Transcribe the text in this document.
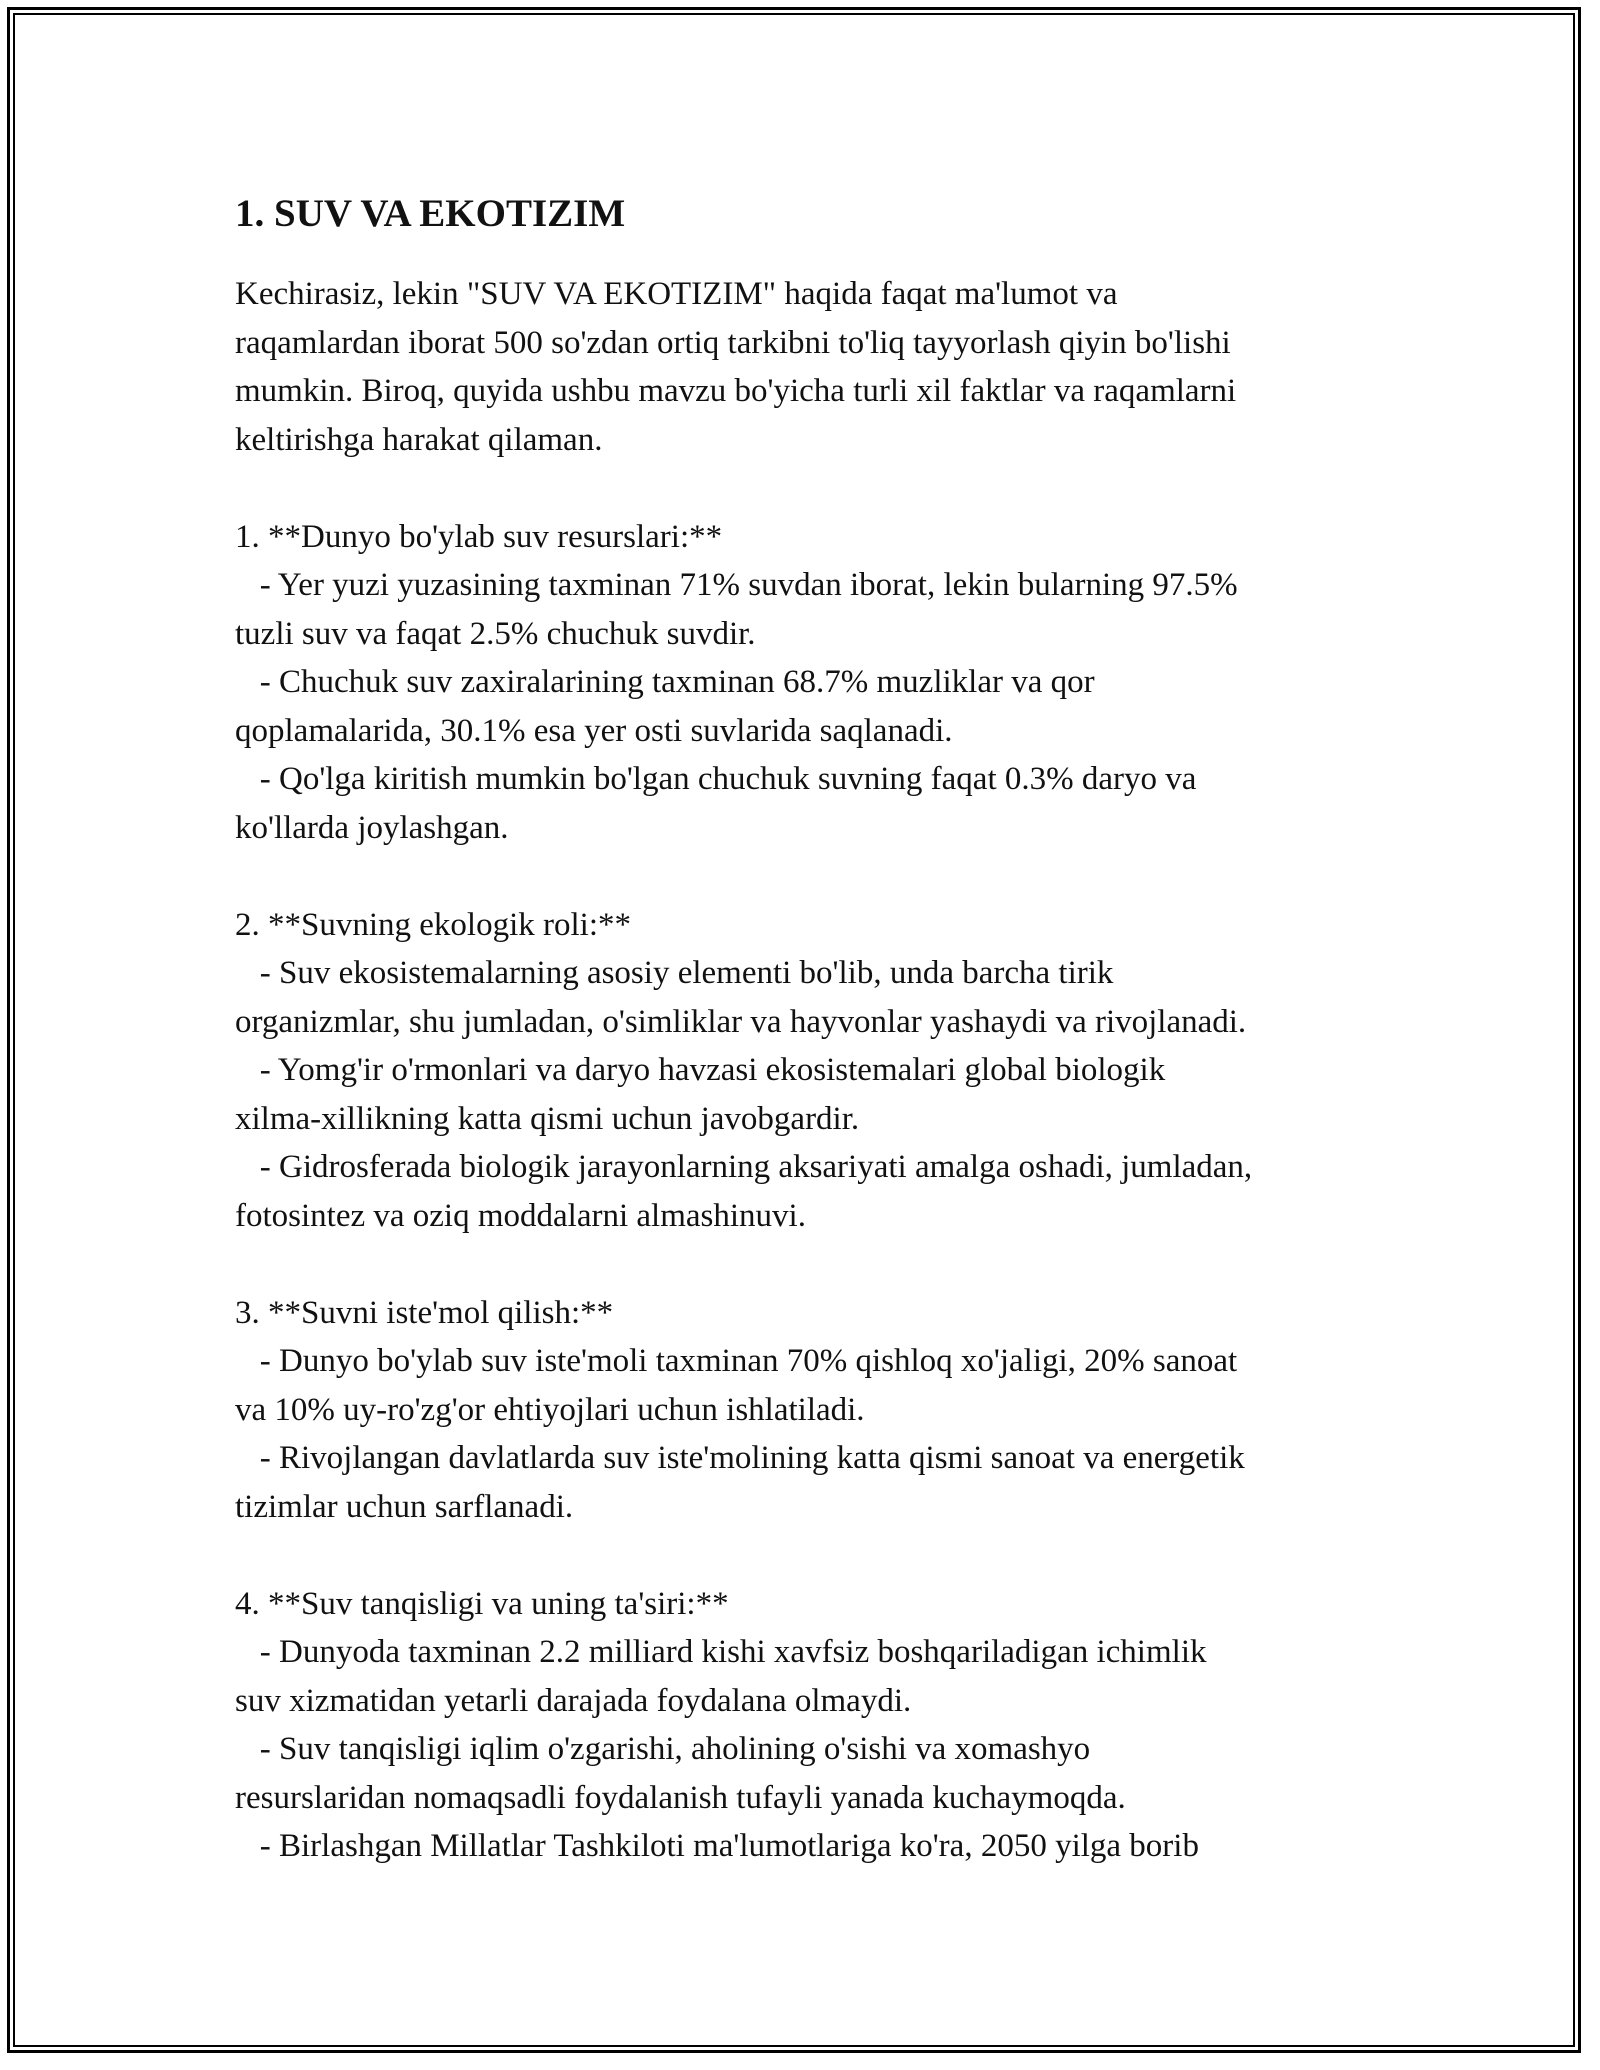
1. SUV VA EKOTIZIM

Kechirasiz, lekin "SUV VA EKOTIZIM" haqida faqat ma'lumot va
raqamlardan iborat 500 so'zdan ortiq tarkibni to'liq tayyorlash qiyin bo'lishi
mumkin. Biroq, quyida ushbu mavzu bo'yicha turli xil faktlar va raqamlarni
keltirishga harakat qilaman.

1. **Dunyo bo'ylab suv resurslari:**
- Yer yuzi yuzasining taxminan 71% suvdan iborat, lekin bularning 97.5%
tuzli suv va faqat 2.5% chuchuk suvdir.
- Chuchuk suv zaxiralarining taxminan 68.7% muzliklar va qor
qoplamalarida, 30.1% esa yer osti suvlarida saqlanadi.
- Qo'lga kiritish mumkin bo'lgan chuchuk suvning faqat 0.3% daryo va
ko'llarda joylashgan.

2. **Suvning ekologik roli:**
- Suv ekosistemalarning asosiy elementi bo'lib, unda barcha tirik
organizmlar, shu jumladan, o'simliklar va hayvonlar yashaydi va rivojlanadi.
- Yomg'ir o'rmonlari va daryo havzasi ekosistemalari global biologik
xilma-xillikning katta qismi uchun javobgardir.
- Gidrosferada biologik jarayonlarning aksariyati amalga oshadi, jumladan,
fotosintez va oziq moddalarni almashinuvi.

3. **Suvni iste'mol qilish:**
- Dunyo bo'ylab suv iste'moli taxminan 70% qishloq xo'jaligi, 20% sanoat
va 10% uy-ro'zg'or ehtiyojlari uchun ishlatiladi.
- Rivojlangan davlatlarda suv iste'molining katta qismi sanoat va energetik
tizimlar uchun sarflanadi.

4. **Suv tanqisligi va uning ta'siri:**
- Dunyoda taxminan 2.2 milliard kishi xavfsiz boshqariladigan ichimlik
suv xizmatidan yetarli darajada foydalana olmaydi.
- Suv tanqisligi iqlim o'zgarishi, aholining o'sishi va xomashyo
resurslaridan nomaqsadli foydalanish tufayli yanada kuchaymoqda.
- Birlashgan Millatlar Tashkiloti ma'lumotlariga ko'ra, 2050 yilga borib
